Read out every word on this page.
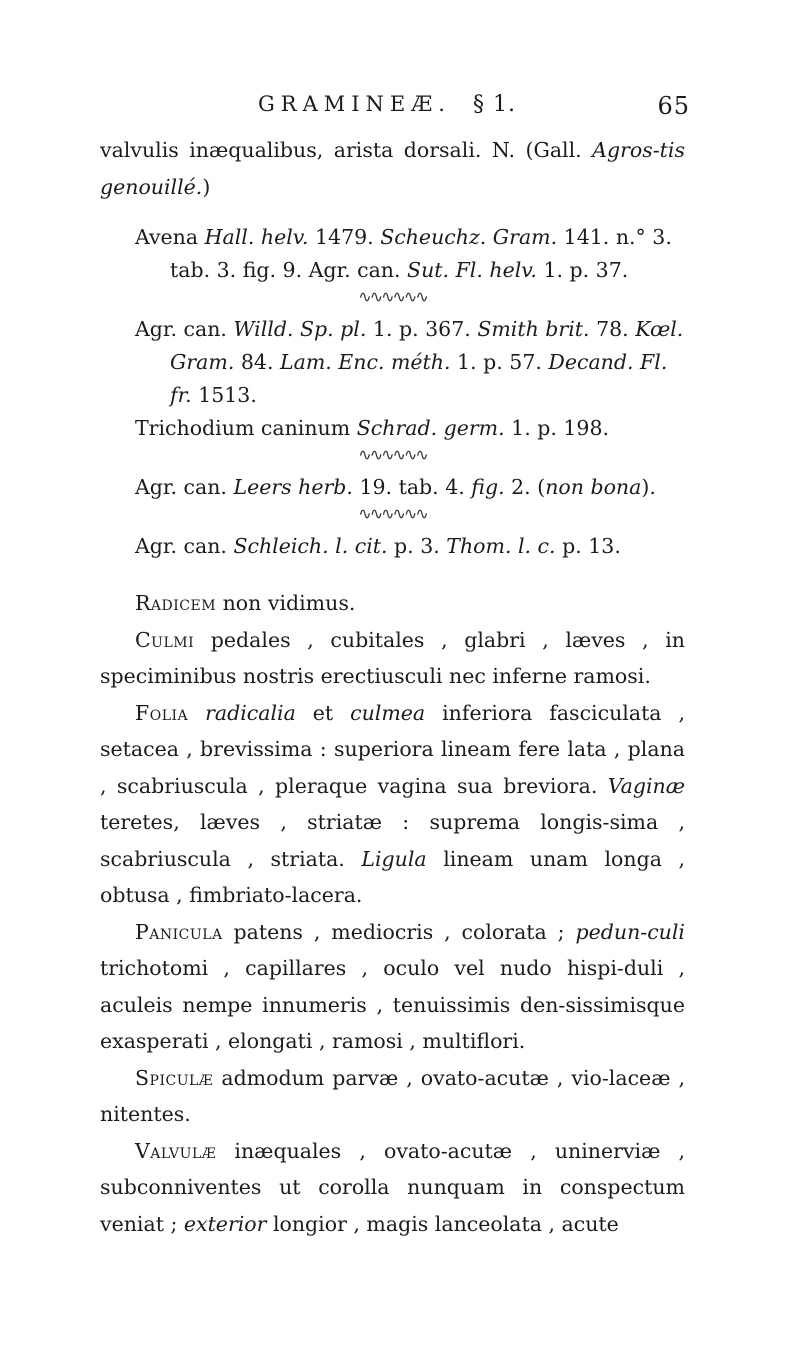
GRAMINEÆ. § 1.	65

valvulis inæqualibus, arista dorsali. N. (Gall. Agros-tis genouillé.)

Avena Hall. helv. 1479. Scheuchz. Gram. 141. n.° 3. tab. 3. fig. 9. Agr. can. Sut. Fl. helv. 1. p. 37.

∿∿∿∿∿∿

Agr. can. Willd. Sp. pl. 1. p. 367. Smith brit. 78. Kœl. Gram. 84. Lam. Enc. méth. 1. p. 57. Decand. Fl. fr. 1513.

Trichodium caninum Schrad. germ. 1. p. 198.

∿∿∿∿∿∿

Agr. can. Leers herb. 19. tab. 4. fig. 2. (non bona).

∿∿∿∿∿∿

Agr. can. Schleich. l. cit. p. 3. Thom. l. c. p. 13.

Radicem non vidimus.

Culmi pedales , cubitales , glabri , læves , in speciminibus nostris erectiusculi nec inferne ramosi.

Folia radicalia et culmea inferiora fasciculata , setacea , brevissima : superiora lineam fere lata , plana , scabriuscula , pleraque vagina sua breviora. Vaginæ teretes, læves , striatæ : suprema longis-sima , scabriuscula , striata. Ligula lineam unam longa , obtusa , fimbriato-lacera.

Panicula patens , mediocris , colorata ; pedun-culi trichotomi , capillares , oculo vel nudo hispi-duli , aculeis nempe innumeris , tenuissimis den-sissimisque exasperati , elongati , ramosi , multiflori.

Spiculæ admodum parvæ , ovato-acutæ , vio-laceæ , nitentes.

Valvulæ inæquales , ovato-acutæ , uninerviæ , subconniventes ut corolla nunquam in conspectum veniat ; exterior longior , magis lanceolata , acute
